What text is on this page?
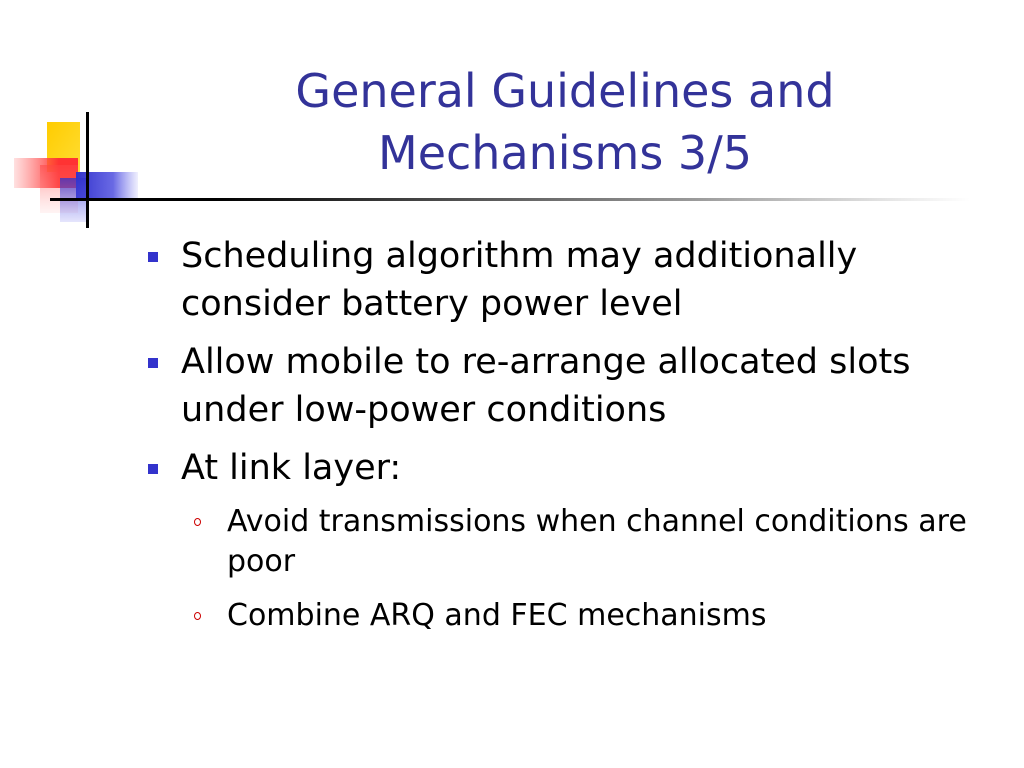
General Guidelines and
Mechanisms 3/5
Scheduling algorithm may additionally consider battery power level
Allow mobile to re-arrange allocated slots under low-power conditions
At link layer:
Avoid transmissions when channel conditions are poor
Combine ARQ and FEC mechanisms
